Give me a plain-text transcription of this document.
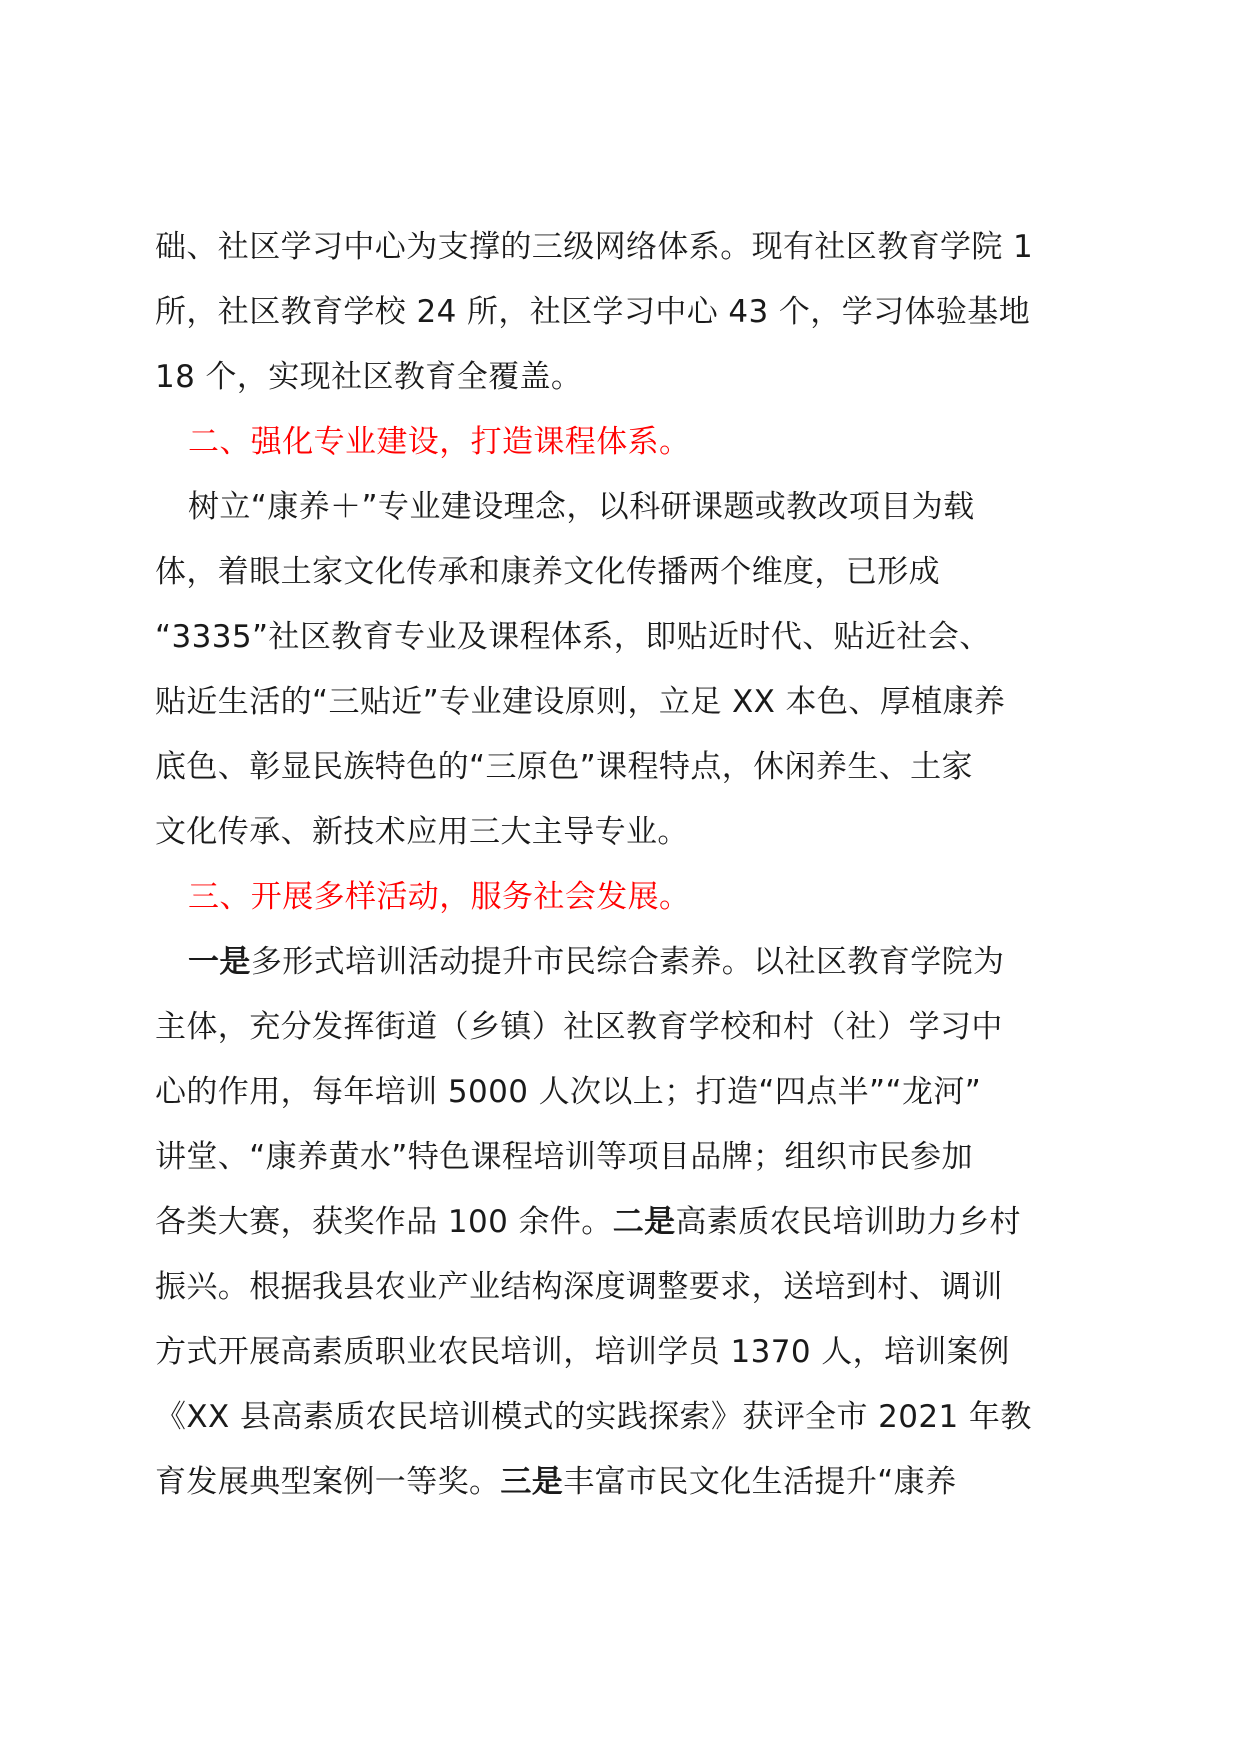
础、社区学习中心为支撑的三级网络体系。现有社区教育学院 1
所，社区教育学校 24 所，社区学习中心 43 个，学习体验基地
18 个，实现社区教育全覆盖。
二、强化专业建设，打造课程体系。
树立“康养＋”专业建设理念，以科研课题或教改项目为载
体，着眼土家文化传承和康养文化传播两个维度，已形成
“3335”社区教育专业及课程体系，即贴近时代、贴近社会、
贴近生活的“三贴近”专业建设原则，立足 XX 本色、厚植康养
底色、彰显民族特色的“三原色”课程特点，休闲养生、土家
文化传承、新技术应用三大主导专业。
三、开展多样活动，服务社会发展。
一是多形式培训活动提升市民综合素养。以社区教育学院为
主体，充分发挥街道（乡镇）社区教育学校和村（社）学习中
心的作用，每年培训 5000 人次以上；打造“四点半”“龙河”
讲堂、“康养黄水”特色课程培训等项目品牌；组织市民参加
各类大赛，获奖作品 100 余件。二是高素质农民培训助力乡村
振兴。根据我县农业产业结构深度调整要求，送培到村、调训
方式开展高素质职业农民培训，培训学员 1370 人，培训案例
《XX 县高素质农民培训模式的实践探索》获评全市 2021 年教
育发展典型案例一等奖。三是丰富市民文化生活提升“康养
